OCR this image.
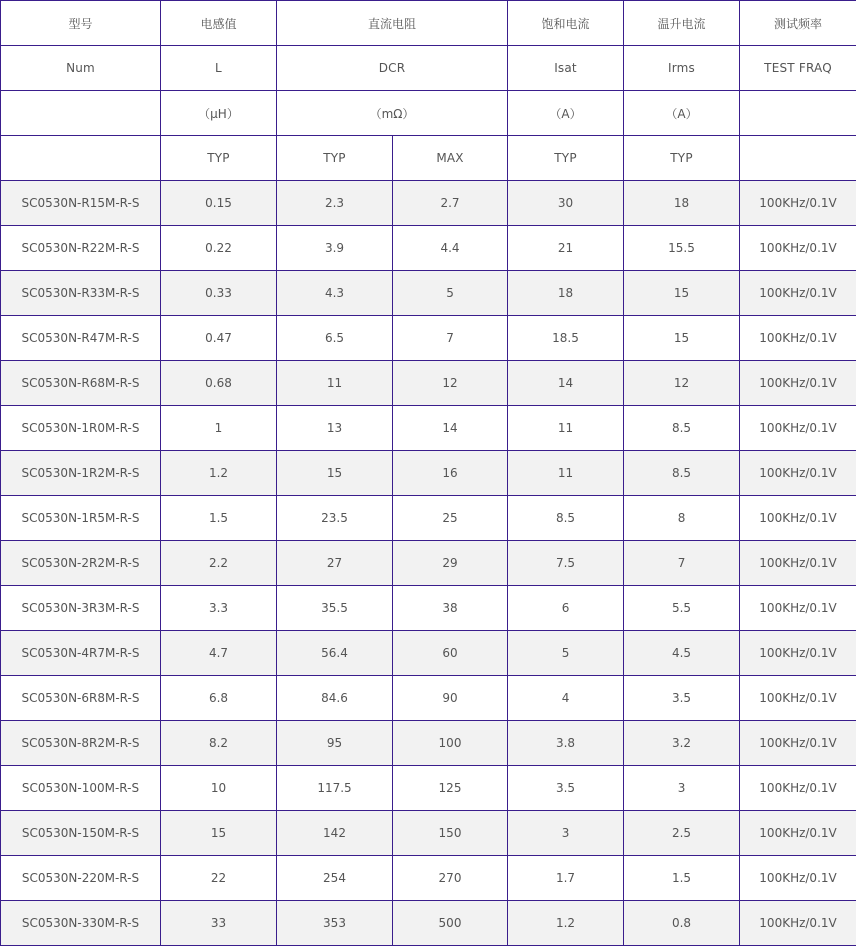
型号	电感值	直流电阻		饱和电流	温升电流	测试频率
Num	L	DCR		Isat	Irms	TEST FRAQ
	（μH）	（mΩ）		（A）	（A）	
	TYP	TYP	MAX	TYP	TYP	
SC0530N-R15M-R-S	0.15	2.3	2.7	30	18	100KHz/0.1V
SC0530N-R22M-R-S	0.22	3.9	4.4	21	15.5	100KHz/0.1V
SC0530N-R33M-R-S	0.33	4.3	5	18	15	100KHz/0.1V
SC0530N-R47M-R-S	0.47	6.5	7	18.5	15	100KHz/0.1V
SC0530N-R68M-R-S	0.68	11	12	14	12	100KHz/0.1V
SC0530N-1R0M-R-S	1	13	14	11	8.5	100KHz/0.1V
SC0530N-1R2M-R-S	1.2	15	16	11	8.5	100KHz/0.1V
SC0530N-1R5M-R-S	1.5	23.5	25	8.5	8	100KHz/0.1V
SC0530N-2R2M-R-S	2.2	27	29	7.5	7	100KHz/0.1V
SC0530N-3R3M-R-S	3.3	35.5	38	6	5.5	100KHz/0.1V
SC0530N-4R7M-R-S	4.7	56.4	60	5	4.5	100KHz/0.1V
SC0530N-6R8M-R-S	6.8	84.6	90	4	3.5	100KHz/0.1V
SC0530N-8R2M-R-S	8.2	95	100	3.8	3.2	100KHz/0.1V
SC0530N-100M-R-S	10	117.5	125	3.5	3	100KHz/0.1V
SC0530N-150M-R-S	15	142	150	3	2.5	100KHz/0.1V
SC0530N-220M-R-S	22	254	270	1.7	1.5	100KHz/0.1V
SC0530N-330M-R-S	33	353	500	1.2	0.8	100KHz/0.1V
